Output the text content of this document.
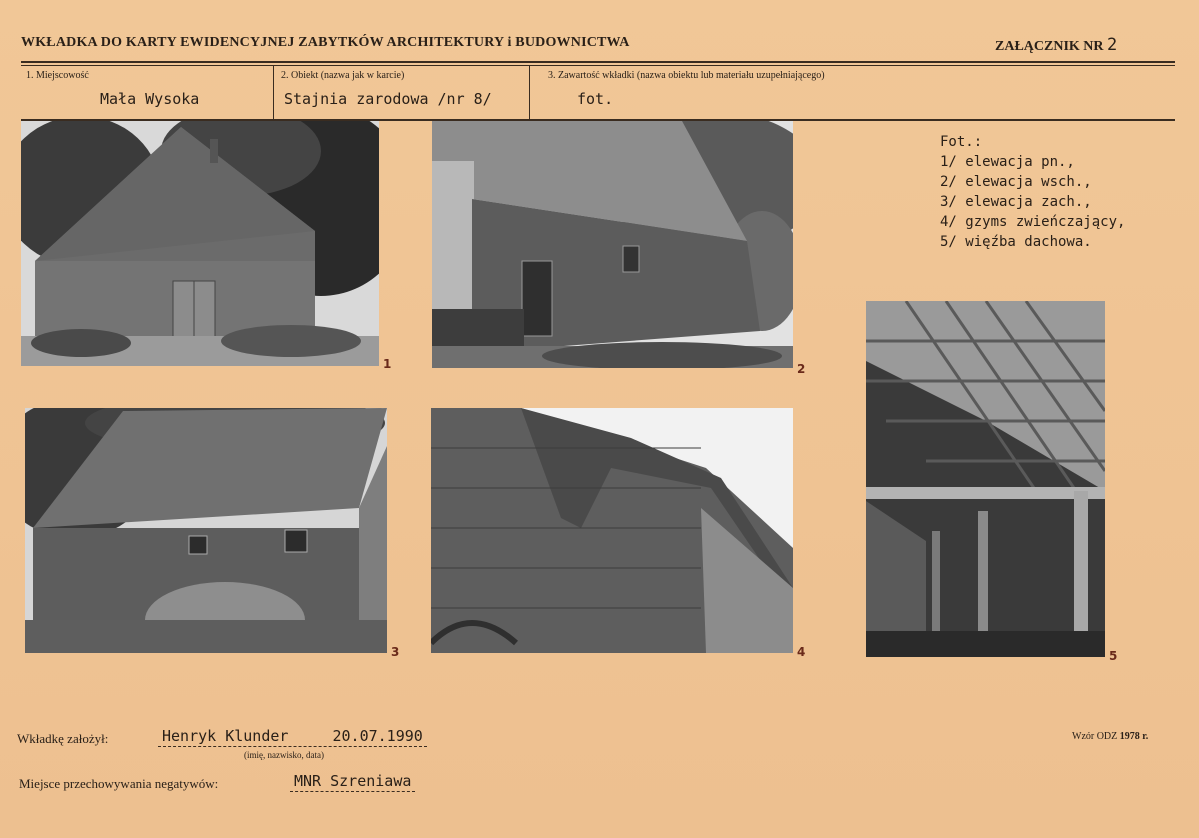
WKŁADKA DO KARTY EWIDENCYJNEJ ZABYTKÓW ARCHITEKTURY i BUDOWNICTWA	ZAŁĄCZNIK NR 2
1. Miejscowość
Mała Wysoka
2. Obiekt (nazwa jak w karcie)
Stajnia zarodowa /nr 8/
3. Zawartość wkładki (nazwa obiektu lub materiału uzupełniającego)
fot.
1	2
3	4	5
Fot.:
1/ elewacja pn.,
2/ elewacja wsch.,
3/ elewacja zach.,
4/ gzyms zwieńczający,
5/ więźba dachowa.
Wkładkę założył:	Henryk Klunder	20.07.1990
(imię, nazwisko, data)
Miejsce przechowywania negatywów:	MNR Szreniawa
Wzór ODZ 1978 r.
